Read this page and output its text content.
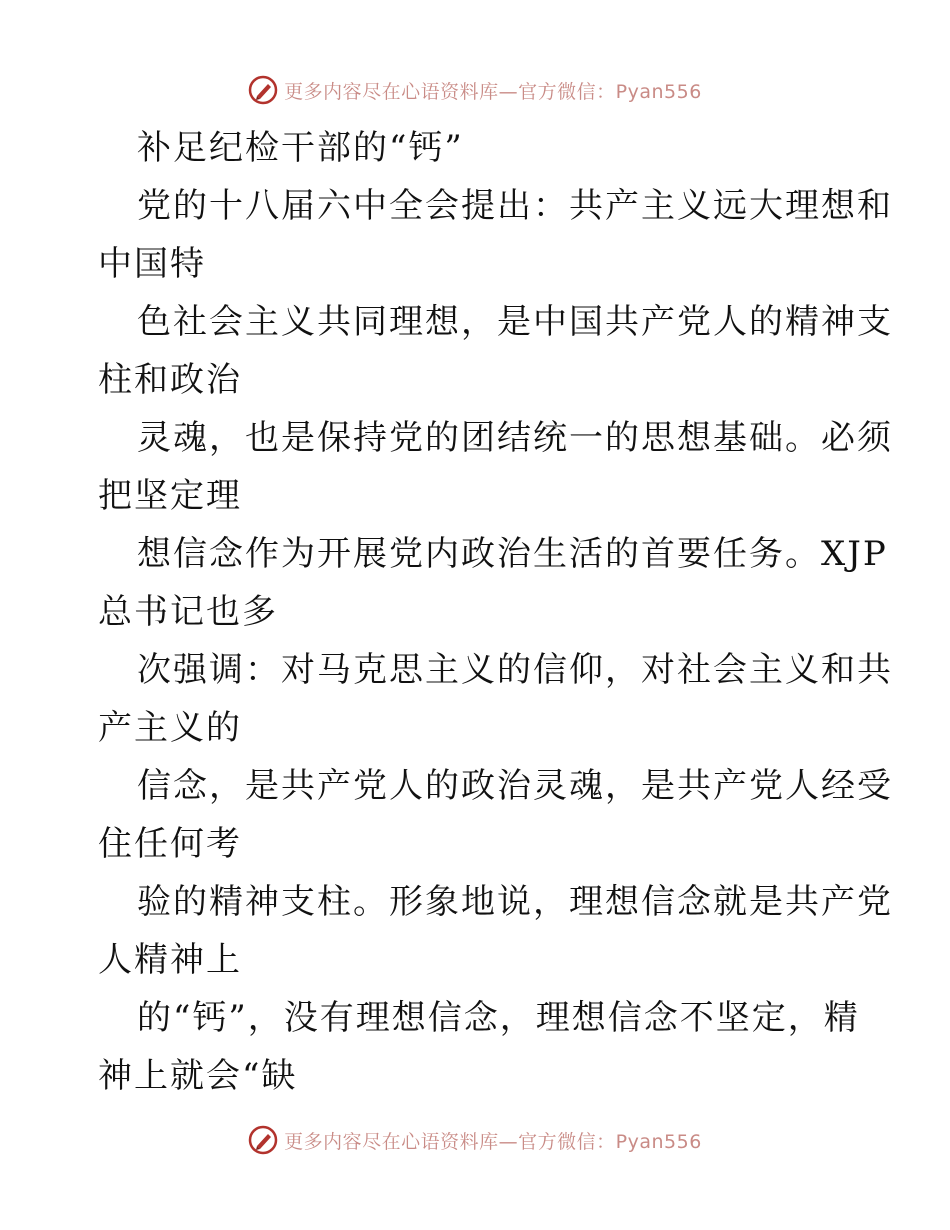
更多内容尽在心语资料库—官方微信：Pyan556
补足纪检干部的“钙”
党的十八届六中全会提出：共产主义远大理想和
中国特
色社会主义共同理想，是中国共产党人的精神支
柱和政治
灵魂，也是保持党的团结统一的思想基础。必须
把坚定理
想信念作为开展党内政治生活的首要任务。XJP
总书记也多
次强调：对马克思主义的信仰，对社会主义和共
产主义的
信念，是共产党人的政治灵魂，是共产党人经受
住任何考
验的精神支柱。形象地说，理想信念就是共产党
人精神上
的“钙”，没有理想信念，理想信念不坚定，精
神上就会“缺
更多内容尽在心语资料库—官方微信：Pyan556
